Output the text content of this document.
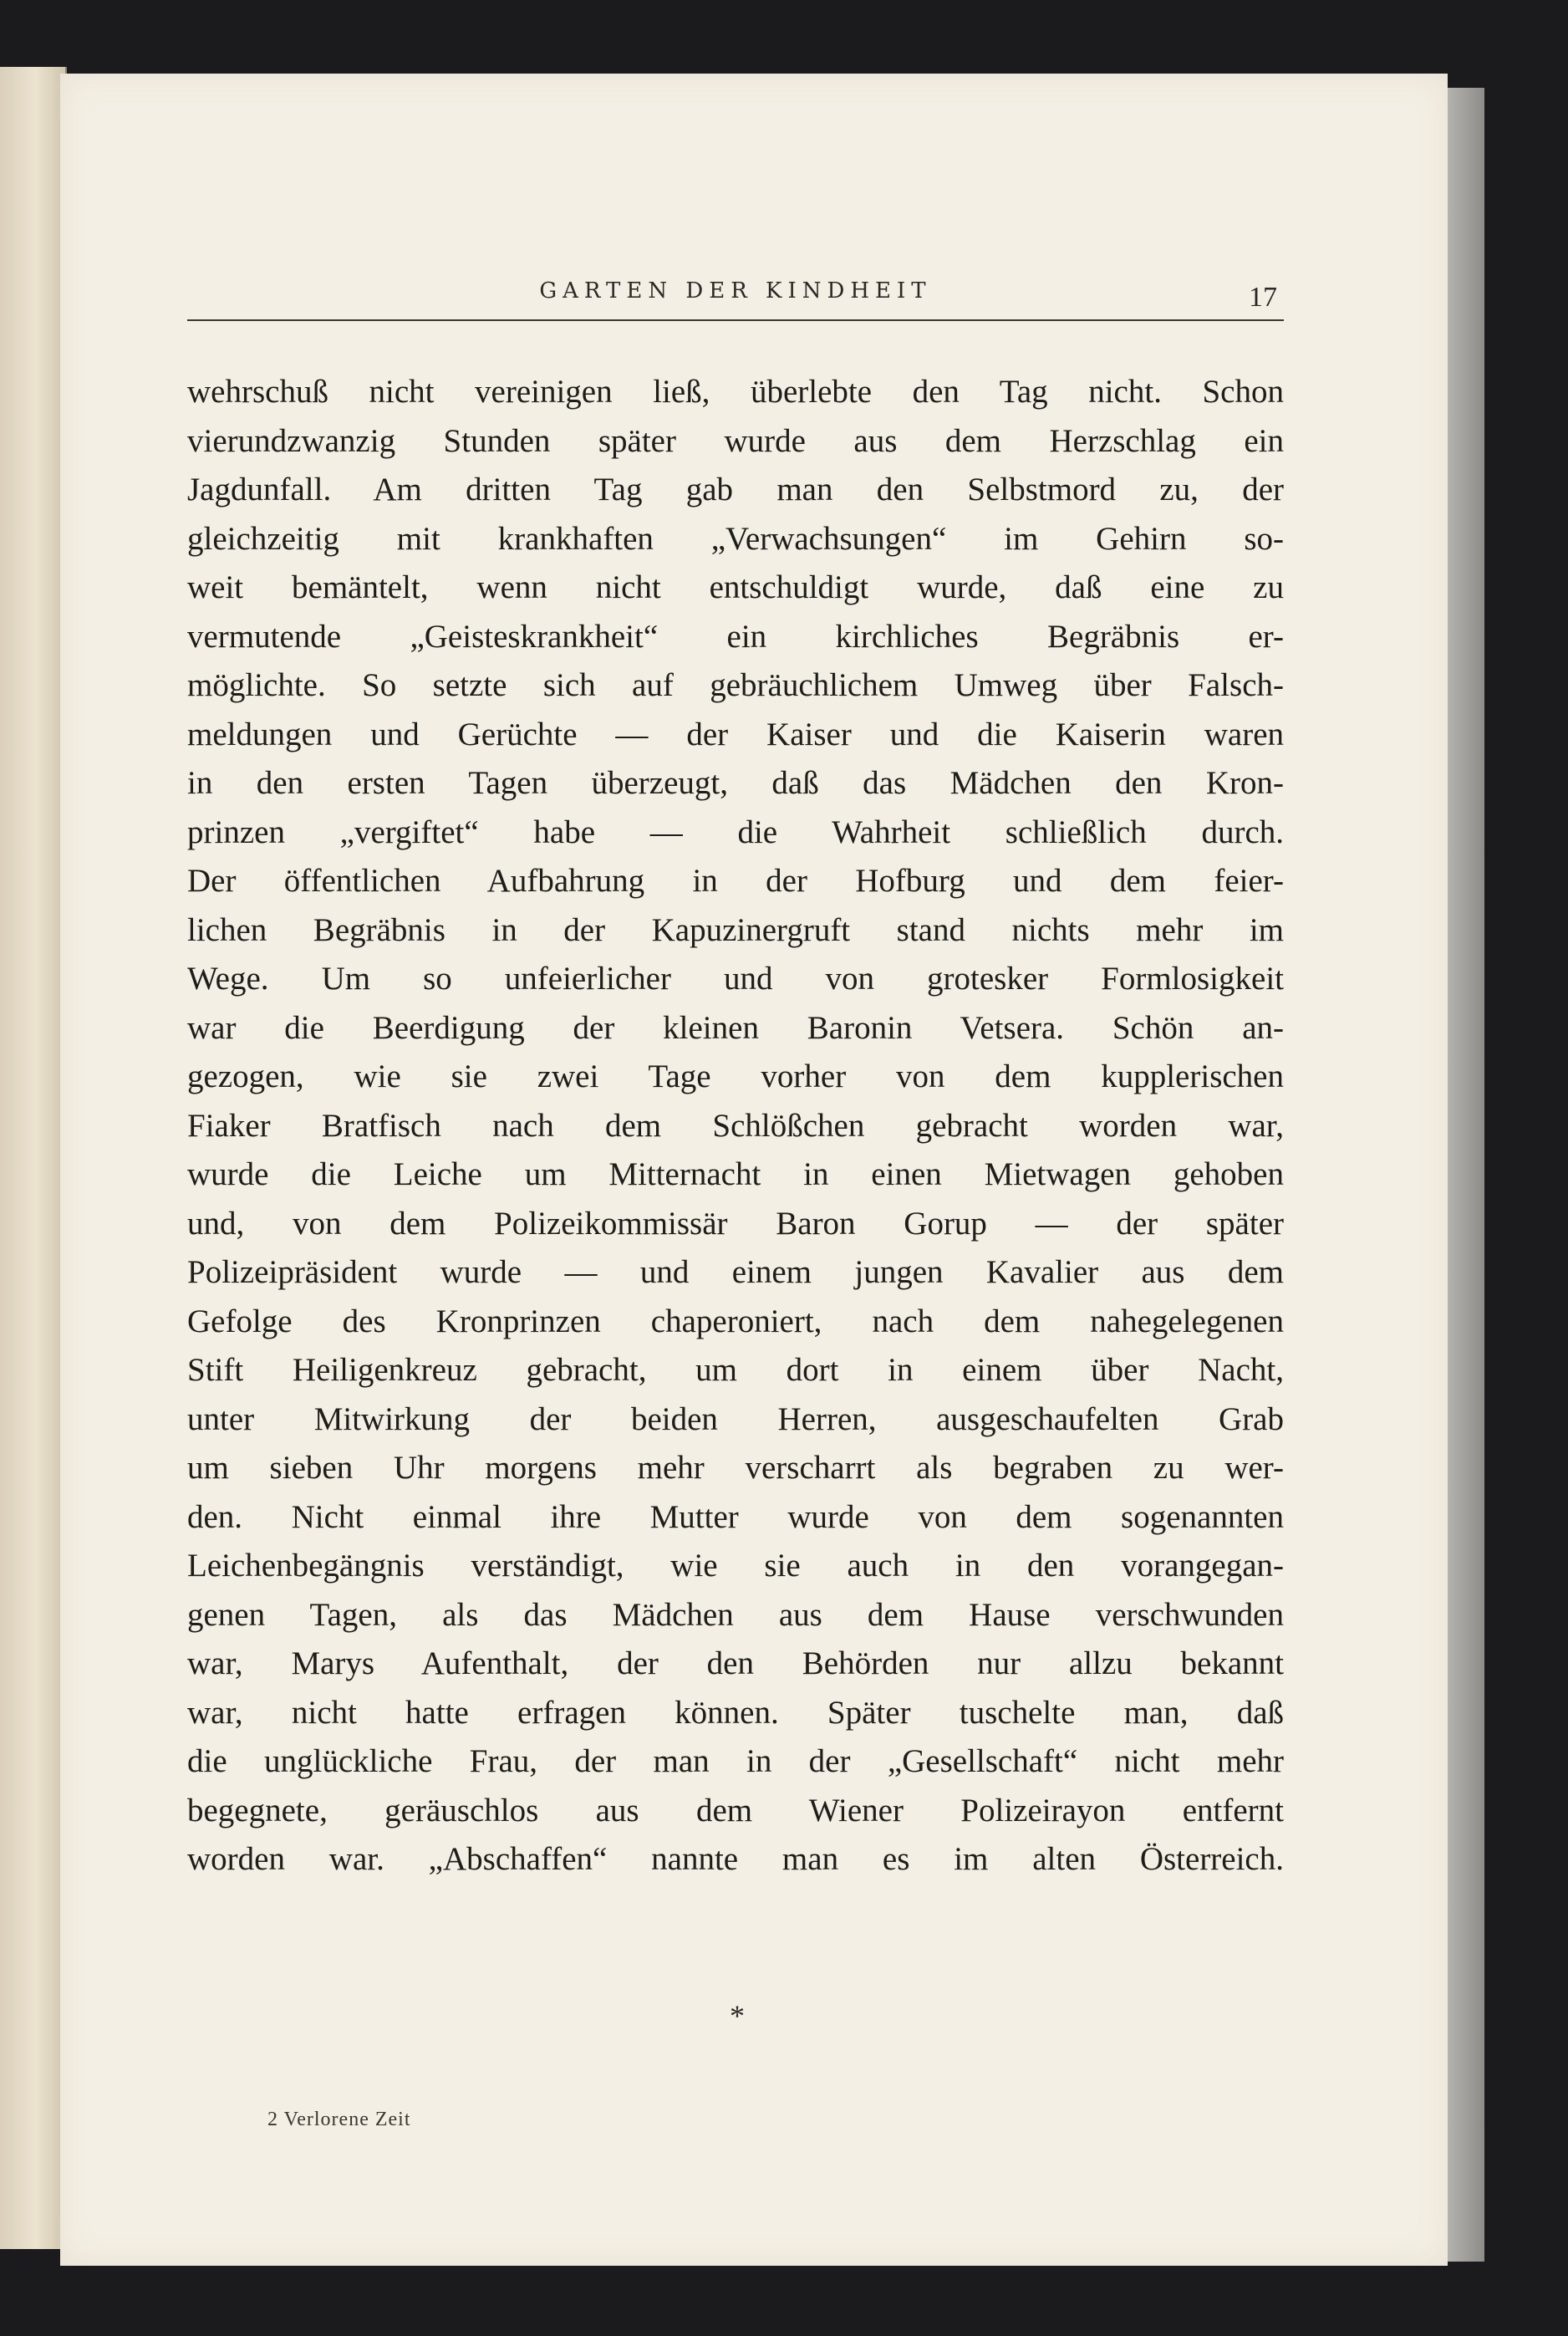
GARTEN DER KINDHEIT	17
wehrschuß nicht vereinigen ließ, überlebte den Tag nicht. Schon
vierundzwanzig Stunden später wurde aus dem Herzschlag ein
Jagdunfall. Am dritten Tag gab man den Selbstmord zu, der
gleichzeitig mit krankhaften „Verwachsungen“ im Gehirn so-
weit bemäntelt, wenn nicht entschuldigt wurde, daß eine zu
vermutende „Geisteskrankheit“ ein kirchliches Begräbnis er-
möglichte. So setzte sich auf gebräuchlichem Umweg über Falsch-
meldungen und Gerüchte — der Kaiser und die Kaiserin waren
in den ersten Tagen überzeugt, daß das Mädchen den Kron-
prinzen „vergiftet“ habe — die Wahrheit schließlich durch.
Der öffentlichen Aufbahrung in der Hofburg und dem feier-
lichen Begräbnis in der Kapuzinergruft stand nichts mehr im
Wege. Um so unfeierlicher und von grotesker Formlosigkeit
war die Beerdigung der kleinen Baronin Vetsera. Schön an-
gezogen, wie sie zwei Tage vorher von dem kupplerischen
Fiaker Bratfisch nach dem Schlößchen gebracht worden war,
wurde die Leiche um Mitternacht in einen Mietwagen gehoben
und, von dem Polizeikommissär Baron Gorup — der später
Polizeipräsident wurde — und einem jungen Kavalier aus dem
Gefolge des Kronprinzen chaperoniert, nach dem nahegelegenen
Stift Heiligenkreuz gebracht, um dort in einem über Nacht,
unter Mitwirkung der beiden Herren, ausgeschaufelten Grab
um sieben Uhr morgens mehr verscharrt als begraben zu wer-
den. Nicht einmal ihre Mutter wurde von dem sogenannten
Leichenbegängnis verständigt, wie sie auch in den vorangegan-
genen Tagen, als das Mädchen aus dem Hause verschwunden
war, Marys Aufenthalt, der den Behörden nur allzu bekannt
war, nicht hatte erfragen können. Später tuschelte man, daß
die unglückliche Frau, der man in der „Gesellschaft“ nicht mehr
begegnete, geräuschlos aus dem Wiener Polizeirayon entfernt
worden war. „Abschaffen“ nannte man es im alten Österreich.
*
2 Verlorene Zeit
